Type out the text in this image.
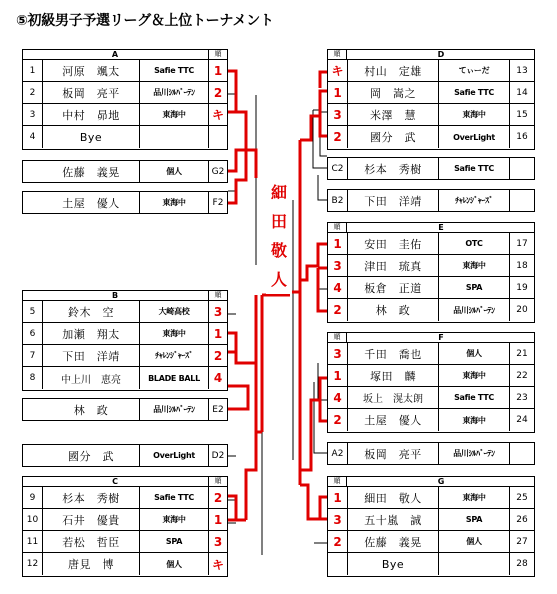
⑤初級男子予選リーグ＆上位トーナメント
A	順
1	河原　颯太	Safie TTC	1
2	板岡　亮平	品川ｼﾙﾊﾞｰﾃﾝ	2
3	中村　昴地	東海中	キ
4	Bye
佐藤　義晃	個人	G2
土屋　優人	東海中	F2
B	順
5	鈴木　空	大崎高校	3
6	加瀬　翔太	東海中	1
7	下田　洋靖	ﾁｬﾚﾝｼﾞｬｰｽﾞ	2
8	中上川　恵亮	BLADE BALL	4
林　政	品川ｼﾙﾊﾞｰﾃﾝ	E2
國分　武	OverLight	D2
C	順
9	杉本　秀樹	Safie TTC	2
10	石井　優貴	東海中	1
11	若松　哲臣	SPA	3
12	唐見　博	個人	キ
順	D
キ	村山　定雄	てぃーだ	13
1	岡　嵩之	Safie TTC	14
3	米澤　慧	東海中	15
2	國分　武	OverLight	16
C2	杉本　秀樹	Safie TTC
B2	下田　洋靖	ﾁｬﾚﾝｼﾞｬｰｽﾞ
順	E
1	安田　圭佑	OTC	17
3	津田　琉真	東海中	18
4	板倉　正道	SPA	19
2	林　政	品川ｼﾙﾊﾞｰﾃﾝ	20
順	F
3	千田　喬也	個人	21
1	塚田　麟	東海中	22
4	坂上　滉太朗	Safie TTC	23
2	土屋　優人	東海中	24
A2	板岡　亮平	品川ｼﾙﾊﾞｰﾃﾝ
順	G
1	細田　敬人	東海中	25
3	五十嵐　誠	SPA	26
2	佐藤　義晃	個人	27
Bye	28
細
田
敬
人
